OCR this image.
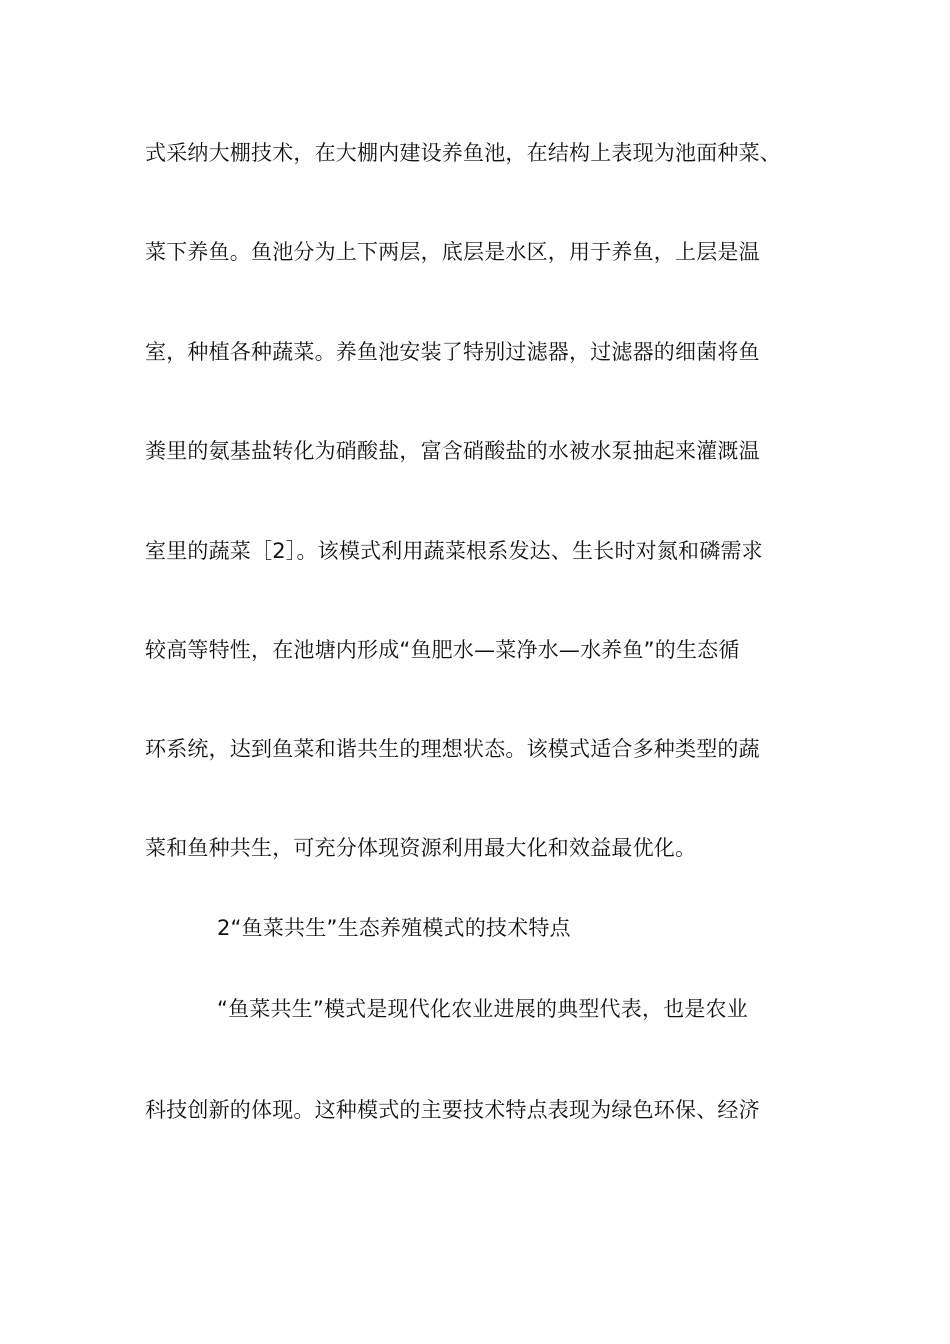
式采纳大棚技术，在大棚内建设养鱼池，在结构上表现为池面种菜、
菜下养鱼。鱼池分为上下两层，底层是水区，用于养鱼，上层是温
室，种植各种蔬菜。养鱼池安装了特别过滤器，过滤器的细菌将鱼
粪里的氨基盐转化为硝酸盐，富含硝酸盐的水被水泵抽起来灌溉温
室里的蔬菜［2］。该模式利用蔬菜根系发达、生长时对氮和磷需求
较高等特性，在池塘内形成“鱼肥水—菜净水—水养鱼”的生态循
环系统，达到鱼菜和谐共生的理想状态。该模式适合多种类型的蔬
菜和鱼种共生，可充分体现资源利用最大化和效益最优化。
2“鱼菜共生”生态养殖模式的技术特点
“鱼菜共生”模式是现代化农业进展的典型代表，也是农业
科技创新的体现。这种模式的主要技术特点表现为绿色环保、经济
